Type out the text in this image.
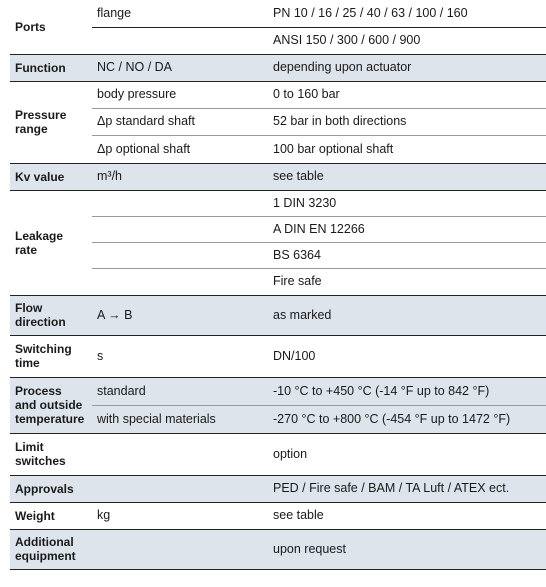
Ports	flange	PN 10 / 16 / 25 / 40 / 63 / 100 / 160
		ANSI 150 / 300 / 600 / 900
Function	NC / NO / DA	depending upon actuator
Pressure
range	body pressure	0 to 160 bar
	Δp standard shaft	52 bar in both directions
	Δp optional shaft	100 bar optional shaft
Kv value	m³/h	see table
Leakage
rate		1 DIN 3230
		A DIN EN 12266
		BS 6364
		Fire safe
Flow
direction	A → B	as marked
Switching
time	s	DN/100
Process
and outside
temperature	standard	-10 °C to +450 °C (-14 °F up to 842 °F)
	with special materials	-270 °C to +800 °C (-454 °F up to 1472 °F)
Limit
switches		option
Approvals		PED / Fire safe / BAM / TA Luft / ATEX ect.
Weight	kg	see table
Additional
equipment		upon request
